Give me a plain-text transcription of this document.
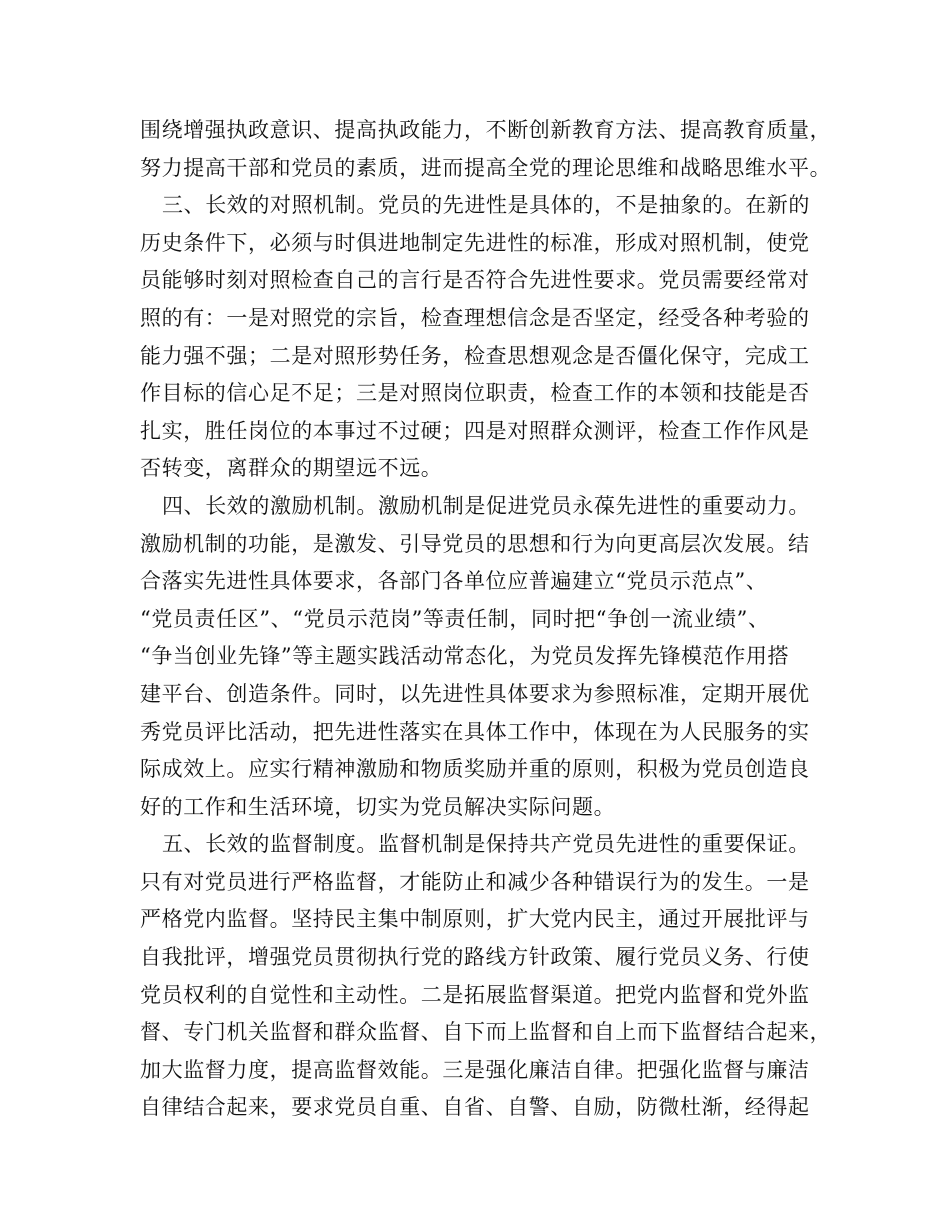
围绕增强执政意识、提高执政能力，不断创新教育方法、提高教育质量，
努力提高干部和党员的素质，进而提高全党的理论思维和战略思维水平。
三、长效的对照机制。党员的先进性是具体的，不是抽象的。在新的
历史条件下，必须与时俱进地制定先进性的标准，形成对照机制，使党
员能够时刻对照检查自己的言行是否符合先进性要求。党员需要经常对
照的有：一是对照党的宗旨，检查理想信念是否坚定，经受各种考验的
能力强不强；二是对照形势任务，检查思想观念是否僵化保守，完成工
作目标的信心足不足；三是对照岗位职责，检查工作的本领和技能是否
扎实，胜任岗位的本事过不过硬；四是对照群众测评，检查工作作风是
否转变，离群众的期望远不远。
四、长效的激励机制。激励机制是促进党员永葆先进性的重要动力。
激励机制的功能，是激发、引导党员的思想和行为向更高层次发展。结
合落实先进性具体要求，各部门各单位应普遍建立“党员示范点”、
“党员责任区”、“党员示范岗”等责任制，同时把“争创一流业绩”、
“争当创业先锋”等主题实践活动常态化，为党员发挥先锋模范作用搭
建平台、创造条件。同时，以先进性具体要求为参照标准，定期开展优
秀党员评比活动，把先进性落实在具体工作中，体现在为人民服务的实
际成效上。应实行精神激励和物质奖励并重的原则，积极为党员创造良
好的工作和生活环境，切实为党员解决实际问题。
五、长效的监督制度。监督机制是保持共产党员先进性的重要保证。
只有对党员进行严格监督，才能防止和减少各种错误行为的发生。一是
严格党内监督。坚持民主集中制原则，扩大党内民主，通过开展批评与
自我批评，增强党员贯彻执行党的路线方针政策、履行党员义务、行使
党员权利的自觉性和主动性。二是拓展监督渠道。把党内监督和党外监
督、专门机关监督和群众监督、自下而上监督和自上而下监督结合起来，
加大监督力度，提高监督效能。三是强化廉洁自律。把强化监督与廉洁
自律结合起来，要求党员自重、自省、自警、自励，防微杜渐，经得起
